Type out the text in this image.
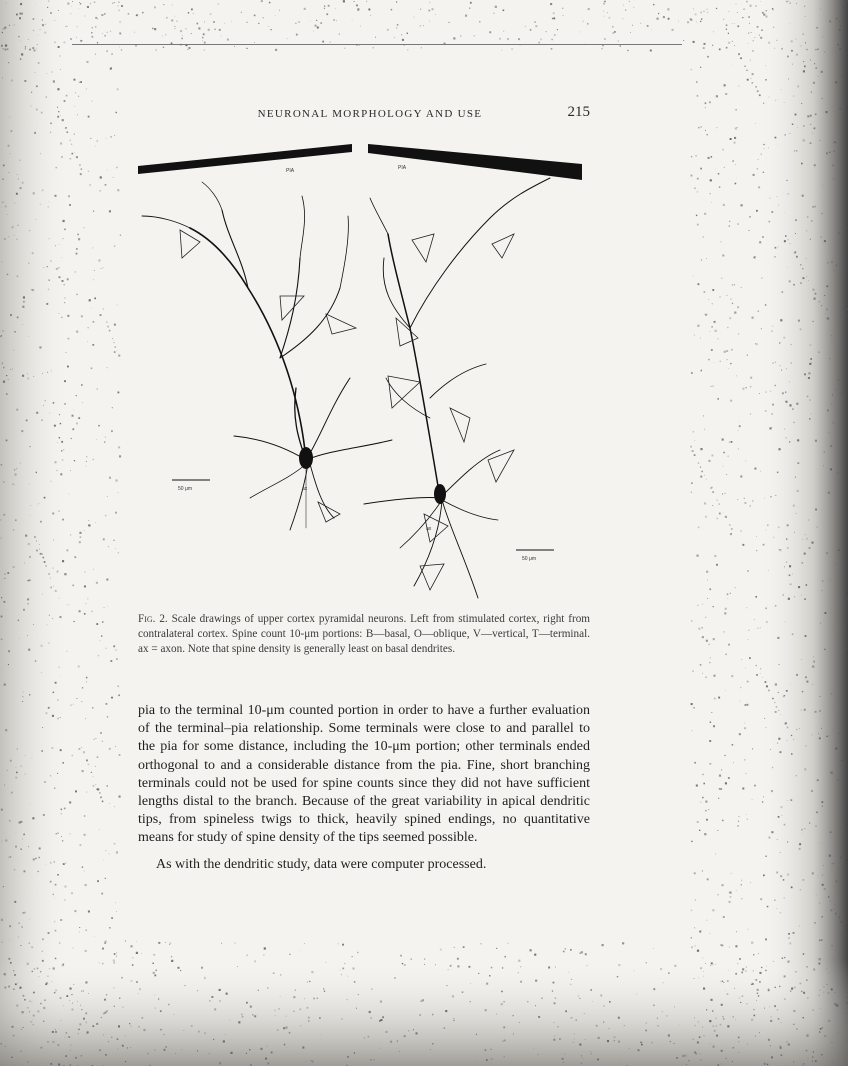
NEURONAL MORPHOLOGY AND USE	215
PIA	PIA
ax
ax
50 μm
50 μm
Fig. 2. Scale drawings of upper cortex pyramidal neurons. Left from stimulated cortex, right from contralateral cortex. Spine count 10-μm portions: B—basal, O—oblique, V—vertical, T—terminal. ax = axon. Note that spine density is generally least on basal dendrites.
pia to the terminal 10-μm counted portion in order to have a further evaluation of the terminal–pia relationship. Some terminals were close to and parallel to the pia for some distance, including the 10-μm portion; other terminals ended orthogonal to and a considerable distance from the pia. Fine, short branching terminals could not be used for spine counts since they did not have sufficient lengths distal to the branch. Because of the great variability in apical dendritic tips, from spineless twigs to thick, heavily spined endings, no quantitative means for study of spine density of the tips seemed possible.
As with the dendritic study, data were computer processed.
